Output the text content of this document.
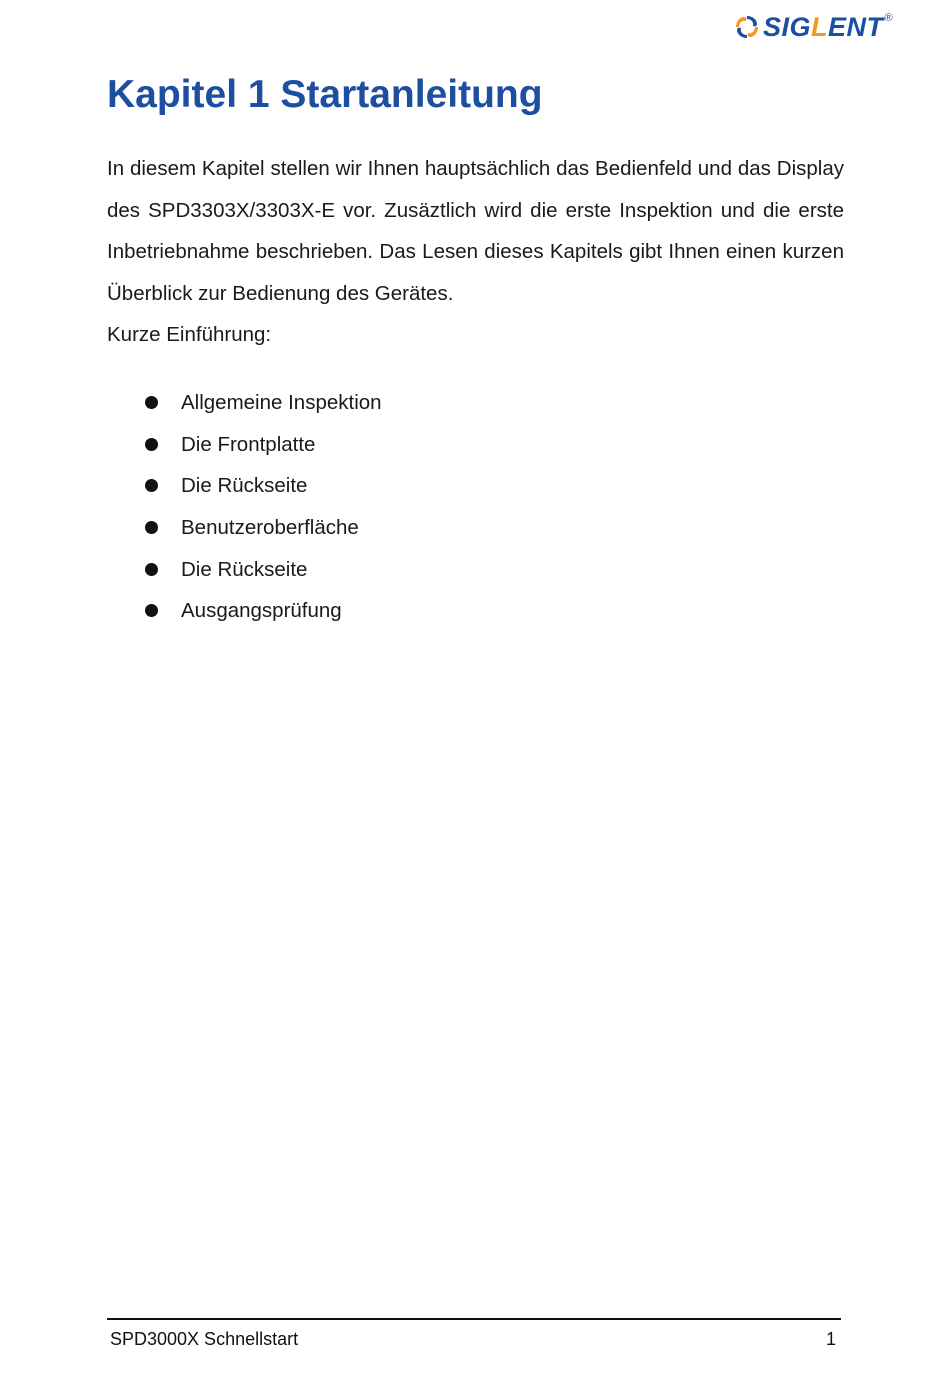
SIGLENT ®
Kapitel 1 Startanleitung

In diesem Kapitel stellen wir Ihnen hauptsächlich das Bedienfeld und das Display des SPD3303X/3303X-E vor. Zusäztlich wird die erste Inspektion und die erste Inbetriebnahme beschrieben. Das Lesen dieses Kapitels gibt Ihnen einen kurzen Überblick zur Bedienung des Gerätes.

Kurze Einführung:

Allgemeine Inspektion
Die Frontplatte
Die Rückseite
Benutzeroberfläche
Die Rückseite
Ausgangsprüfung
SPD3000X Schnellstart	1
